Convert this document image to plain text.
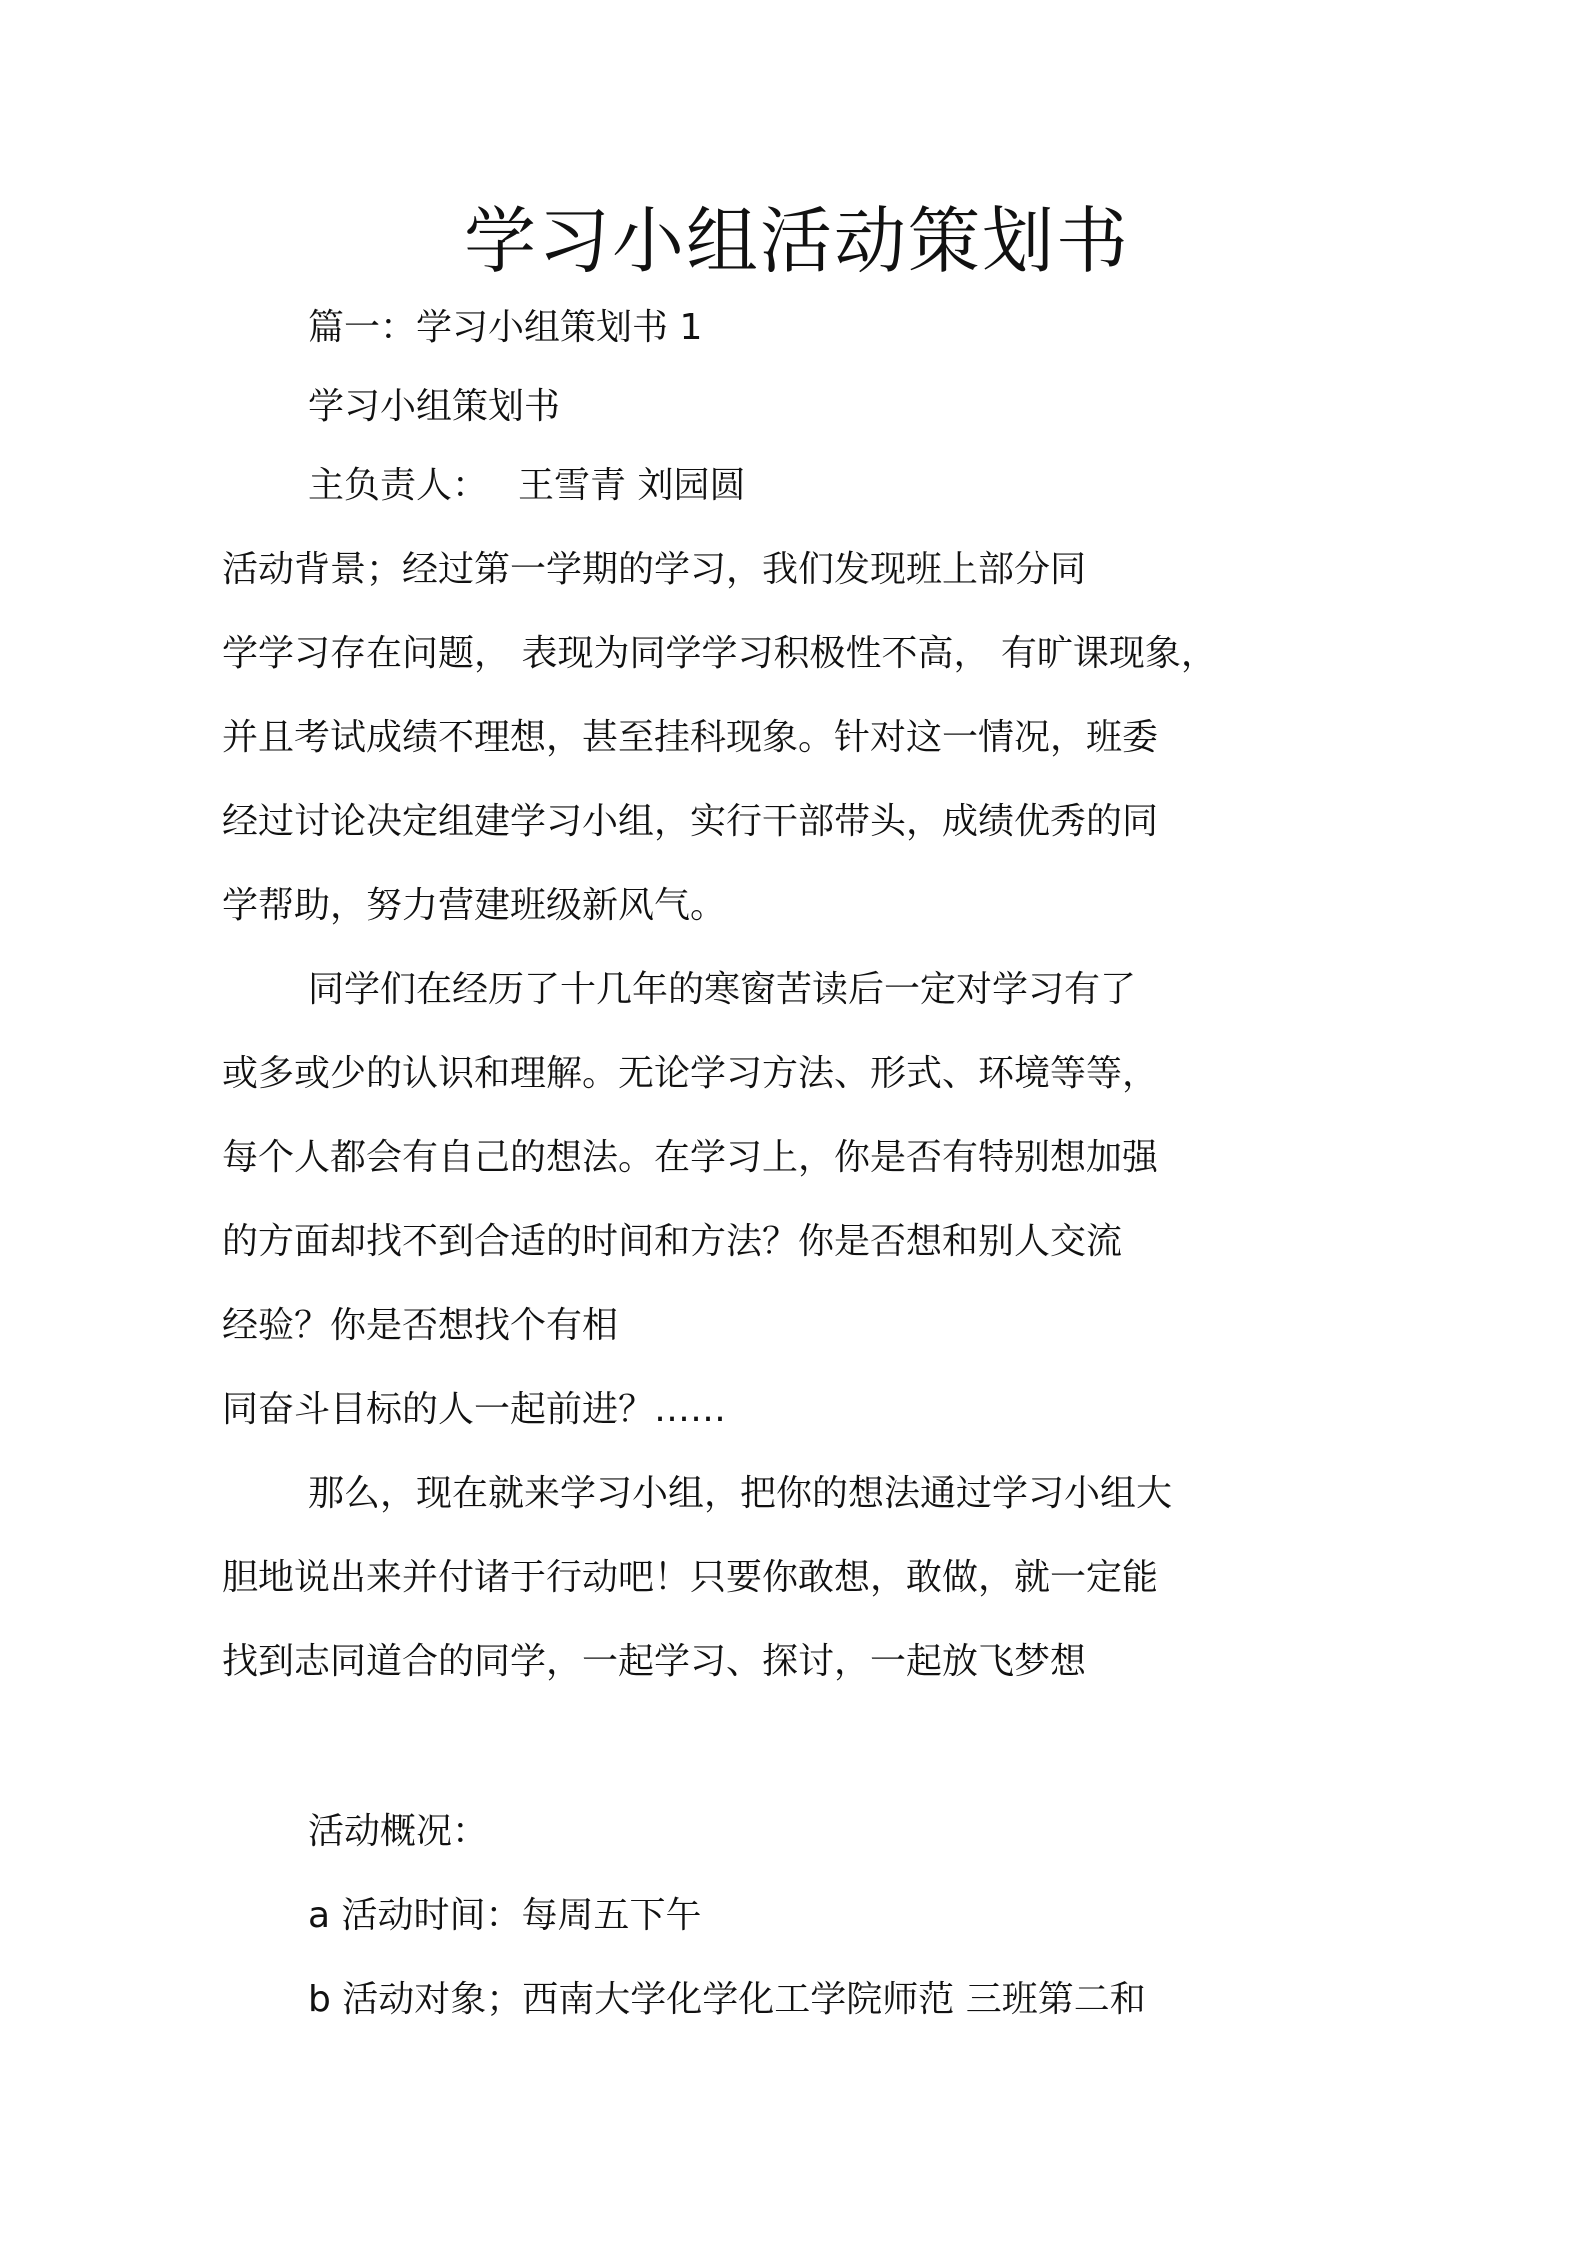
学习小组活动策划书
篇一：学习小组策划书 1
学习小组策划书
主负责人： 王雪青 刘园圆
活动背景；经过第一学期的学习，我们发现班上部分同
学学习存在问题， 表现为同学学习积极性不高， 有旷课现象，
并且考试成绩不理想，甚至挂科现象。针对这一情况，班委
经过讨论决定组建学习小组，实行干部带头，成绩优秀的同
学帮助，努力营建班级新风气。
同学们在经历了十几年的寒窗苦读后一定对学习有了
或多或少的认识和理解。无论学习方法、形式、环境等等，
每个人都会有自己的想法。在学习上，你是否有特别想加强
的方面却找不到合适的时间和方法？你是否想和别人交流
经验？你是否想找个有相
同奋斗目标的人一起前进？……
那么，现在就来学习小组，把你的想法通过学习小组大
胆地说出来并付诸于行动吧！只要你敢想，敢做，就一定能
找到志同道合的同学，一起学习、探讨，一起放飞梦想
活动概况：
a 活动时间：每周五下午
b 活动对象；西南大学化学化工学院师范 三班第二和
